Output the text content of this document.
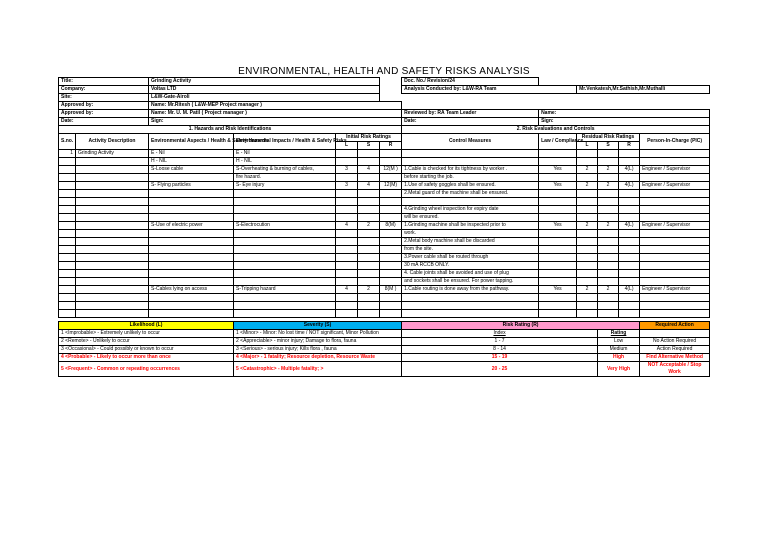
ENVIRONMENTAL, HEALTH AND SAFETY RISKS ANALYSIS
Title:		Grinding Activity					Doc. No./ Revision/24					
Company:		Voltas LTD					Analysis Conducted by: L&W-RA Team		Mr.Venkatesh,Mr.Sathish,Mr.Muthalli			
Site:		L&W-Gate-Airoli										
Approved by:		Name: Mr.Ritesh ( L&W-MEP Project manager )										
Approved by:		Name: Mr. U. M. Patil ( Project manager )					Reviewed by: RA Team Leader	Name:				
Date:		Sign:					Date:	Sign:				
1. Hazards and Risk Identifications							2. Risk Evaluations and Controls					
S.no.	Activity Description	Environmental Aspects / Health & Safety Hazards	Environmental Impacts / Health & Safety Risks	Initial Risk Ratings			Control Measures	Law / Compliance	Residual Risk Ratings			Person-In-Charge (PIC)
				L	S	R			L	S	R	
1	Grinding Activity	E - Nil	E - Nil									
		H - NIL	H - NIL									
		S-Loose cable	S-Overheating & burning of cables,	3	4	12(M )	1.Cable is checked for its tightness by worker .	Yes	2	2	4(L)	Engineer / Supervisor
			fire hazard.				before starting the job.					
		S- Flying particles	S- Eye injury	3	4	12(M)	1.Use of safety goggles shall be ensured.	Yes	2	2	4(L)	Engineer / Supervisor
							2.Metal guard of the machine shall be ensured.					

							4.Grinding wheel inspection for expiry date					
							will be ensured.					
		S-Use of electric power	S-Electrocution	4	2	8(M)	1.Grinding machine shall be inspected prior to	Yes	2	2	4(L)	Engineer / Supervisor
							work.					
							2.Metal body machine shall be discarded					
							from the site.					
							3.Power cable shall be routed through					
							30 mA RCCB ONLY.					
							4. Cable joints shall be avoided and use of plug					
							and sockets shall be ensured. For power tapping.					
		S-Cables lying on access	S-Tripping hazard	4	2	8(M )	1.Cable routing is done away from the pathway.	Yes	2	2	4(L)	Engineer / Supervisor

Likelihood (L)			Severity (S)				Risk Rating (R)					Required Action
1 <Improbable> - Extremely unlikely to occur			1 <Minor> - Minor: No lost time / NOT significant, Minor Pollution				Index			Rating		
2 <Remote> - Unlikely to occur			2 <Appreciable> - minor injury; Damage to flora, fauna				1 - 7			Low		No Action Required
3 <Occasional> - Could possibly or known to occur			3 <Serious> - serious injury; Kills flora , fauna				8 - 14			Medium		Action Required
4 <Probable> - Likely to occur more than once			4 <Major> - 1 fatality; Resource depletion, Resource Waste				15 - 19			High		Find Alternative Method
5 <Frequent> - Common or repeating occurrences			5 <Catastrophic> - Multiple fatality; >				20 - 25			Very High		NOT Acceptable / Stop Work
